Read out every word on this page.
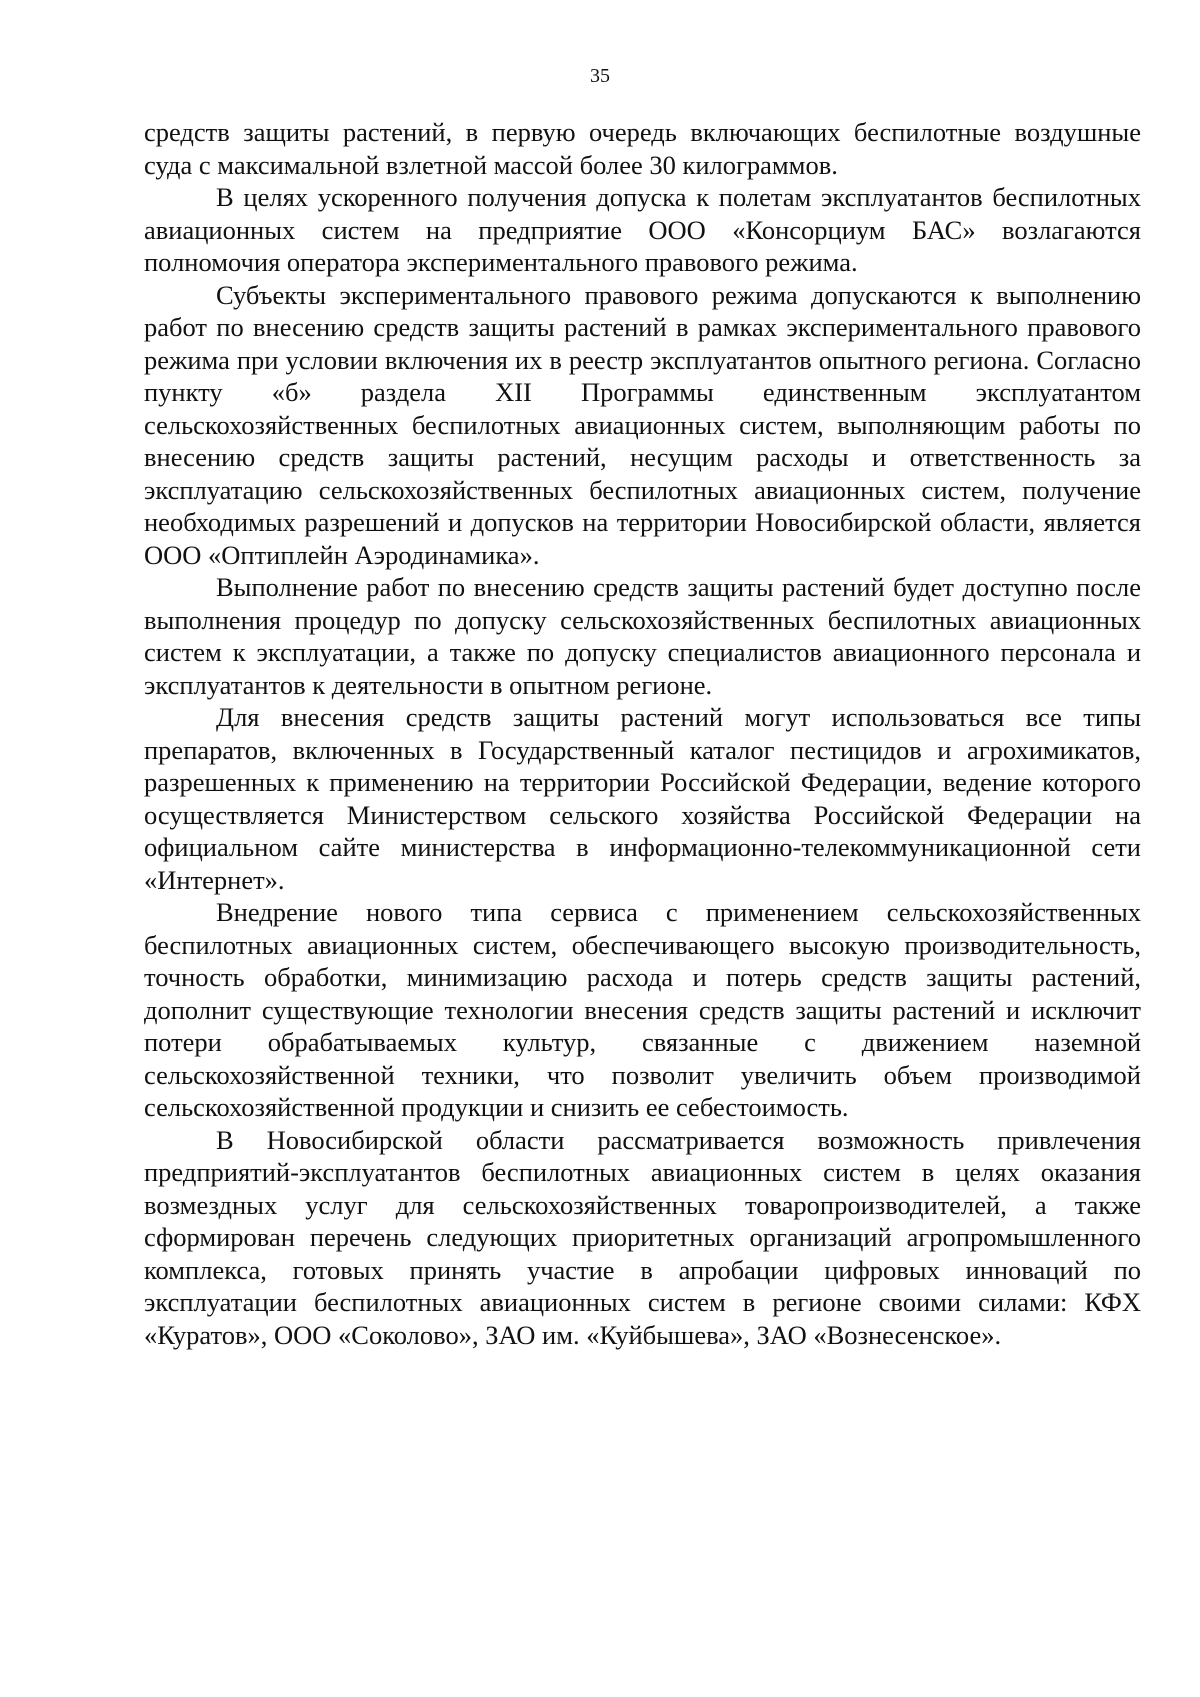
35

средств защиты растений, в первую очередь включающих беспилотные воздушные суда с максимальной взлетной массой более 30 килограммов.

В целях ускоренного получения допуска к полетам эксплуатантов беспилотных авиационных систем на предприятие ООО «Консорциум БАС» возлагаются полномочия оператора экспериментального правового режима.

Субъекты экспериментального правового режима допускаются к выполнению работ по внесению средств защиты растений в рамках экспериментального правового режима при условии включения их в реестр эксплуатантов опытного региона. Согласно пункту «б» раздела XII Программы единственным эксплуатантом сельскохозяйственных беспилотных авиационных систем, выполняющим работы по внесению средств защиты растений, несущим расходы и ответственность за эксплуатацию сельскохозяйственных беспилотных авиационных систем, получение необходимых разрешений и допусков на территории Новосибирской области, является ООО «Оптиплейн Аэродинамика».

Выполнение работ по внесению средств защиты растений будет доступно после выполнения процедур по допуску сельскохозяйственных беспилотных авиационных систем к эксплуатации, а также по допуску специалистов авиационного персонала и эксплуатантов к деятельности в опытном регионе.

Для внесения средств защиты растений могут использоваться все типы препаратов, включенных в Государственный каталог пестицидов и агрохимикатов, разрешенных к применению на территории Российской Федерации, ведение которого осуществляется Министерством сельского хозяйства Российской Федерации на официальном сайте министерства в информационно-телекоммуникационной сети «Интернет».

Внедрение нового типа сервиса с применением сельскохозяйственных беспилотных авиационных систем, обеспечивающего высокую производительность, точность обработки, минимизацию расхода и потерь средств защиты растений, дополнит существующие технологии внесения средств защиты растений и исключит потери обрабатываемых культур, связанные с движением наземной сельскохозяйственной техники, что позволит увеличить объем производимой сельскохозяйственной продукции и снизить ее себестоимость.

В Новосибирской области рассматривается возможность привлечения предприятий-эксплуатантов беспилотных авиационных систем в целях оказания возмездных услуг для сельскохозяйственных товаропроизводителей, а также сформирован перечень следующих приоритетных организаций агропромышленного комплекса, готовых принять участие в апробации цифровых инноваций по эксплуатации беспилотных авиационных систем в регионе своими силами: КФХ «Куратов», ООО «Соколово», ЗАО им. «Куйбышева», ЗАО «Вознесенское».
